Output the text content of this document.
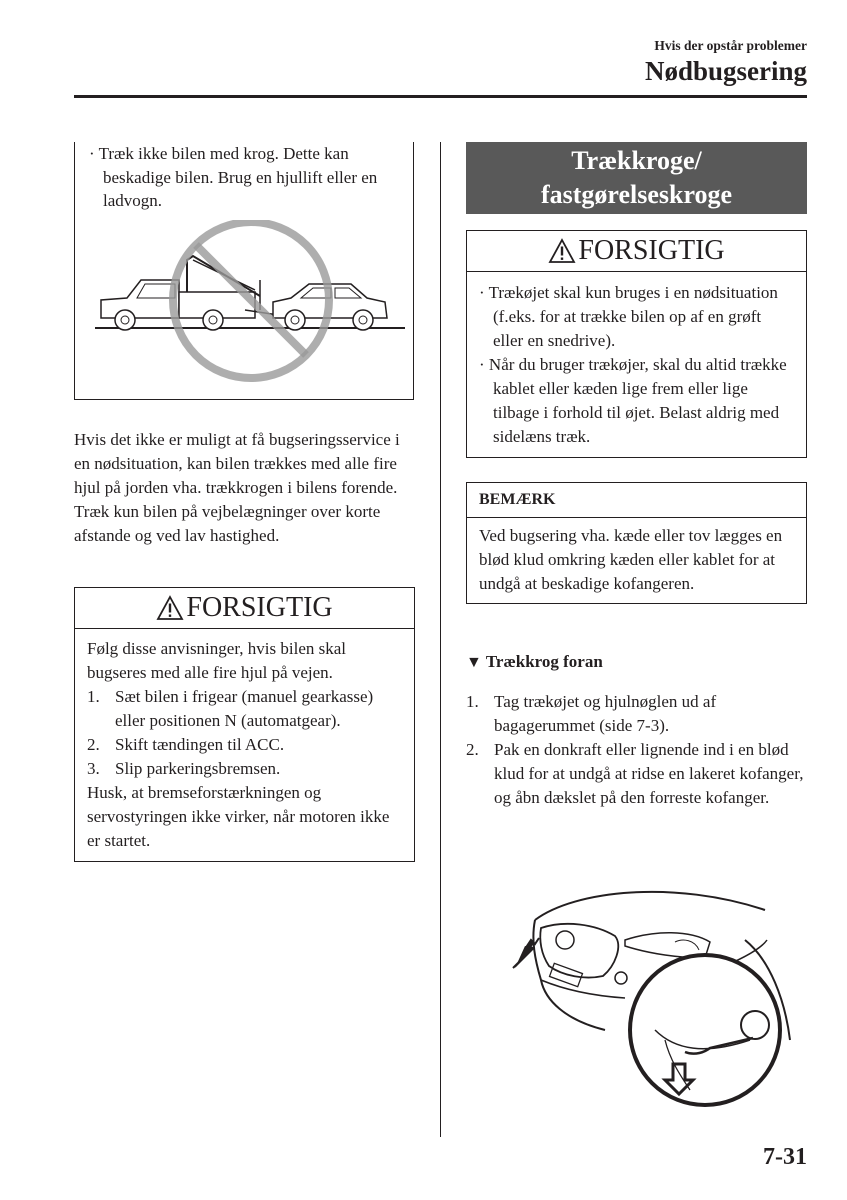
Hvis der opstår problemer
Nødbugsering
· Træk ikke bilen med krog. Dette kan beskadige bilen. Brug en hjullift eller en ladvogn.
Hvis det ikke er muligt at få bugseringsservice i en nødsituation, kan bilen trækkes med alle fire hjul på jorden vha. trækkrogen i bilens forende.
Træk kun bilen på vejbelægninger over korte afstande og ved lav hastighed.
FORSIGTIG
Følg disse anvisninger, hvis bilen skal bugseres med alle fire hjul på vejen.
1. Sæt bilen i frigear (manuel gearkasse) eller positionen N (automatgear).
2. Skift tændingen til ACC.
3. Slip parkeringsbremsen.
Husk, at bremseforstærkningen og servostyringen ikke virker, når motoren ikke er startet.
Trækkroge/
fastgørelseskroge
FORSIGTIG
· Trækøjet skal kun bruges i en nødsituation (f.eks. for at trække bilen op af en grøft eller en snedrive).
· Når du bruger trækøjer, skal du altid trække kablet eller kæden lige frem eller lige tilbage i forhold til øjet. Belast aldrig med sidelæns træk.
BEMÆRK
Ved bugsering vha. kæde eller tov lægges en blød klud omkring kæden eller kablet for at undgå at beskadige kofangeren.
▼ Trækkrog foran
1. Tag trækøjet og hjulnøglen ud af bagagerummet (side 7-3).
2. Pak en donkraft eller lignende ind i en blød klud for at undgå at ridse en lakeret kofanger, og åbn dækslet på den forreste kofanger.
7-31
